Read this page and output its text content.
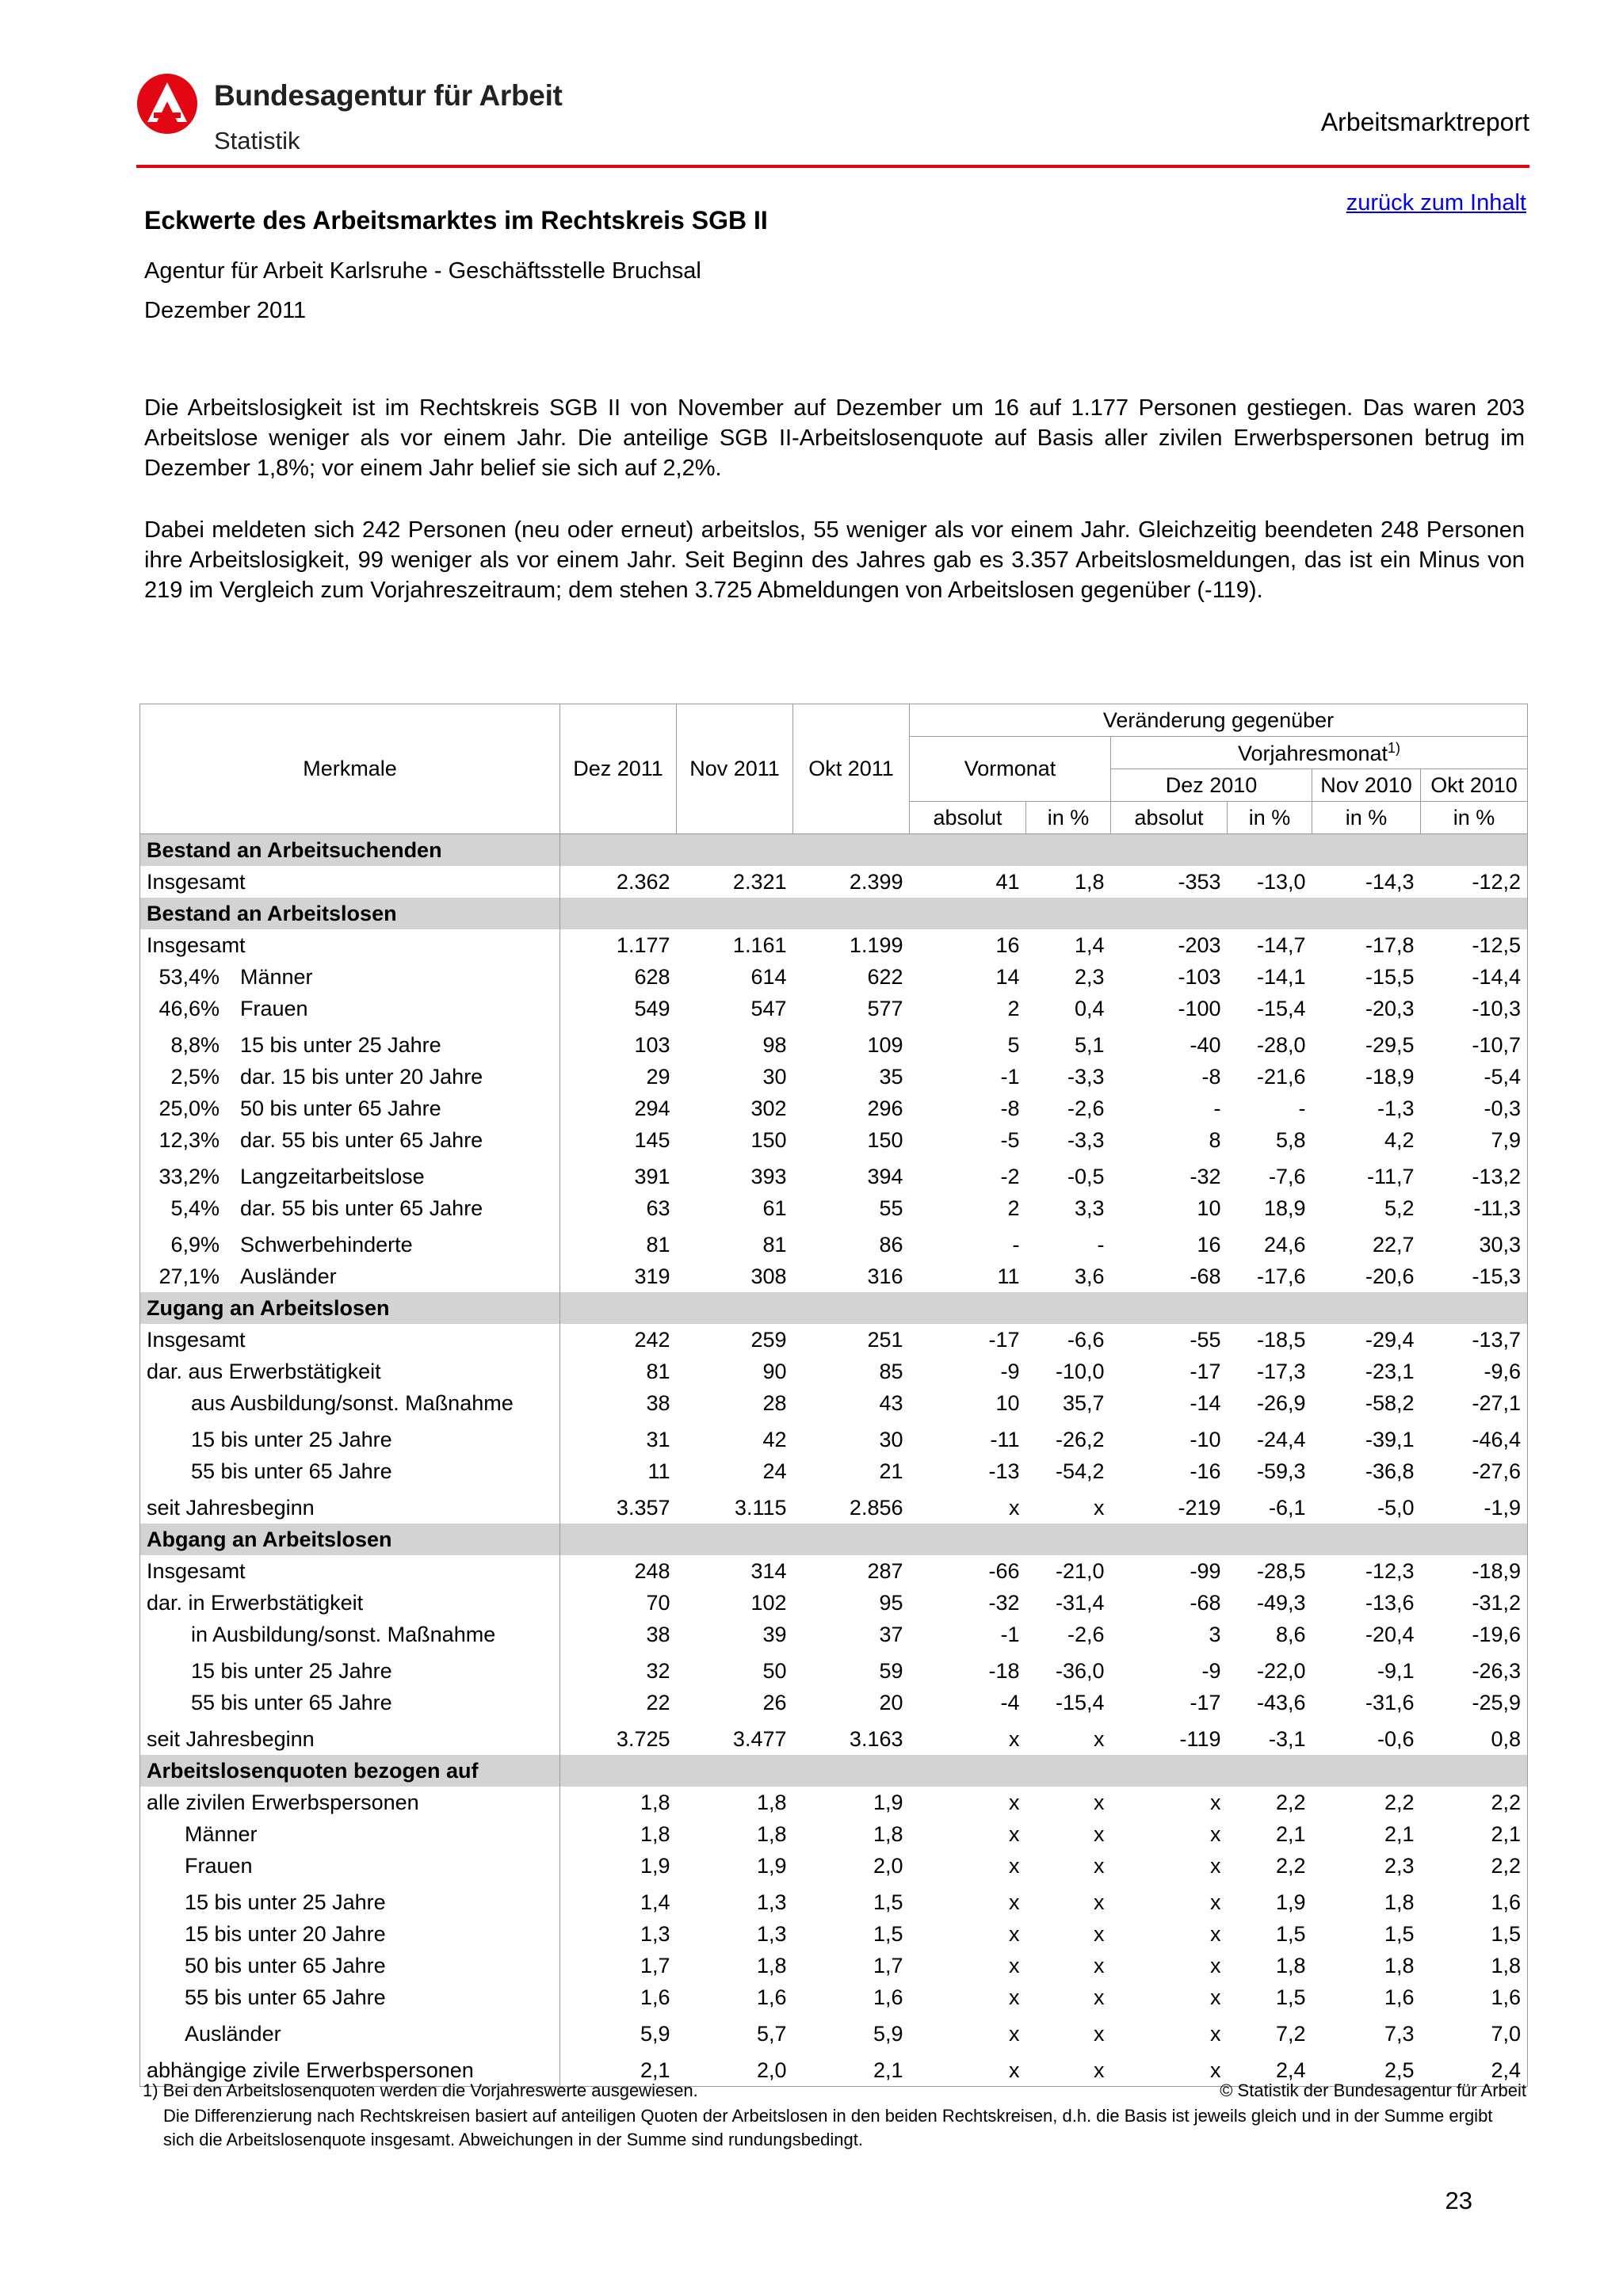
Bundesagentur für Arbeit
Statistik
Arbeitsmarktreport
zurück zum Inhalt
Eckwerte des Arbeitsmarktes im Rechtskreis SGB II
Agentur für Arbeit Karlsruhe - Geschäftsstelle Bruchsal
Dezember 2011

Die Arbeitslosigkeit ist im Rechtskreis SGB II von November auf Dezember um 16 auf 1.177 Personen gestiegen. Das waren 203 Arbeitslose weniger als vor einem Jahr. Die anteilige SGB II-Arbeitslosenquote auf Basis aller zivilen Erwerbspersonen betrug im Dezember 1,8%; vor einem Jahr belief sie sich auf 2,2%.

Dabei meldeten sich 242 Personen (neu oder erneut) arbeitslos, 55 weniger als vor einem Jahr. Gleichzeitig beendeten 248 Personen ihre Arbeitslosigkeit, 99 weniger als vor einem Jahr. Seit Beginn des Jahres gab es 3.357 Arbeitslosmeldungen, das ist ein Minus von 219 im Vergleich zum Vorjahreszeitraum; dem stehen 3.725 Abmeldungen von Arbeitslosen gegenüber (-119).

Merkmale	Dez 2011	Nov 2011	Okt 2011	Veränderung gegenüber					
				Vormonat		Vorjahresmonat$^{1)}$
						Dez 2010		Nov 2010	Okt 2010
				absolut	in %	absolut	in %	in %	in %
Bestand an Arbeitsuchenden									
Insgesamt	2.362	2.321	2.399	41	1,8	-353	-13,0	-14,3	-12,2
Bestand an Arbeitslosen									
Insgesamt	1.177	1.161	1.199	16	1,4	-203	-14,7	-17,8	-12,5
53,4% Männer	628	614	622	14	2,3	-103	-14,1	-15,5	-14,4
46,6% Frauen	549	547	577	2	0,4	-100	-15,4	-20,3	-10,3
8,8% 15 bis unter 25 Jahre	103	98	109	5	5,1	-40	-28,0	-29,5	-10,7
2,5% dar. 15 bis unter 20 Jahre	29	30	35	-1	-3,3	-8	-21,6	-18,9	-5,4
25,0% 50 bis unter 65 Jahre	294	302	296	-8	-2,6	-	-	-1,3	-0,3
12,3% dar. 55 bis unter 65 Jahre	145	150	150	-5	-3,3	8	5,8	4,2	7,9
33,2% Langzeitarbeitslose	391	393	394	-2	-0,5	-32	-7,6	-11,7	-13,2
5,4% dar. 55 bis unter 65 Jahre	63	61	55	2	3,3	10	18,9	5,2	-11,3
6,9% Schwerbehinderte	81	81	86	-	-	16	24,6	22,7	30,3
27,1% Ausländer	319	308	316	11	3,6	-68	-17,6	-20,6	-15,3
Zugang an Arbeitslosen									
Insgesamt	242	259	251	-17	-6,6	-55	-18,5	-29,4	-13,7
dar. aus Erwerbstätigkeit	81	90	85	-9	-10,0	-17	-17,3	-23,1	-9,6
aus Ausbildung/sonst. Maßnahme	38	28	43	10	35,7	-14	-26,9	-58,2	-27,1
15 bis unter 25 Jahre	31	42	30	-11	-26,2	-10	-24,4	-39,1	-46,4
55 bis unter 65 Jahre	11	24	21	-13	-54,2	-16	-59,3	-36,8	-27,6
seit Jahresbeginn	3.357	3.115	2.856	x	x	-219	-6,1	-5,0	-1,9
Abgang an Arbeitslosen									
Insgesamt	248	314	287	-66	-21,0	-99	-28,5	-12,3	-18,9
dar. in Erwerbstätigkeit	70	102	95	-32	-31,4	-68	-49,3	-13,6	-31,2
in Ausbildung/sonst. Maßnahme	38	39	37	-1	-2,6	3	8,6	-20,4	-19,6
15 bis unter 25 Jahre	32	50	59	-18	-36,0	-9	-22,0	-9,1	-26,3
55 bis unter 65 Jahre	22	26	20	-4	-15,4	-17	-43,6	-31,6	-25,9
seit Jahresbeginn	3.725	3.477	3.163	x	x	-119	-3,1	-0,6	0,8
Arbeitslosenquoten bezogen auf									
alle zivilen Erwerbspersonen	1,8	1,8	1,9	x	x	x	2,2	2,2	2,2
Männer	1,8	1,8	1,8	x	x	x	2,1	2,1	2,1
Frauen	1,9	1,9	2,0	x	x	x	2,2	2,3	2,2
15 bis unter 25 Jahre	1,4	1,3	1,5	x	x	x	1,9	1,8	1,6
15 bis unter 20 Jahre	1,3	1,3	1,5	x	x	x	1,5	1,5	1,5
50 bis unter 65 Jahre	1,7	1,8	1,7	x	x	x	1,8	1,8	1,8
55 bis unter 65 Jahre	1,6	1,6	1,6	x	x	x	1,5	1,6	1,6
Ausländer	5,9	5,7	5,9	x	x	x	7,2	7,3	7,0
abhängige zivile Erwerbspersonen	2,1	2,0	2,1	x	x	x	2,4	2,5	2,4
1) Bei den Arbeitslosenquoten werden die Vorjahreswerte ausgewiesen.	© Statistik der Bundesagentur für Arbeit
Die Differenzierung nach Rechtskreisen basiert auf anteiligen Quoten der Arbeitslosen in den beiden Rechtskreisen, d.h. die Basis ist jeweils gleich und in der Summe ergibt sich die Arbeitslosenquote insgesamt. Abweichungen in der Summe sind rundungsbedingt.
23
